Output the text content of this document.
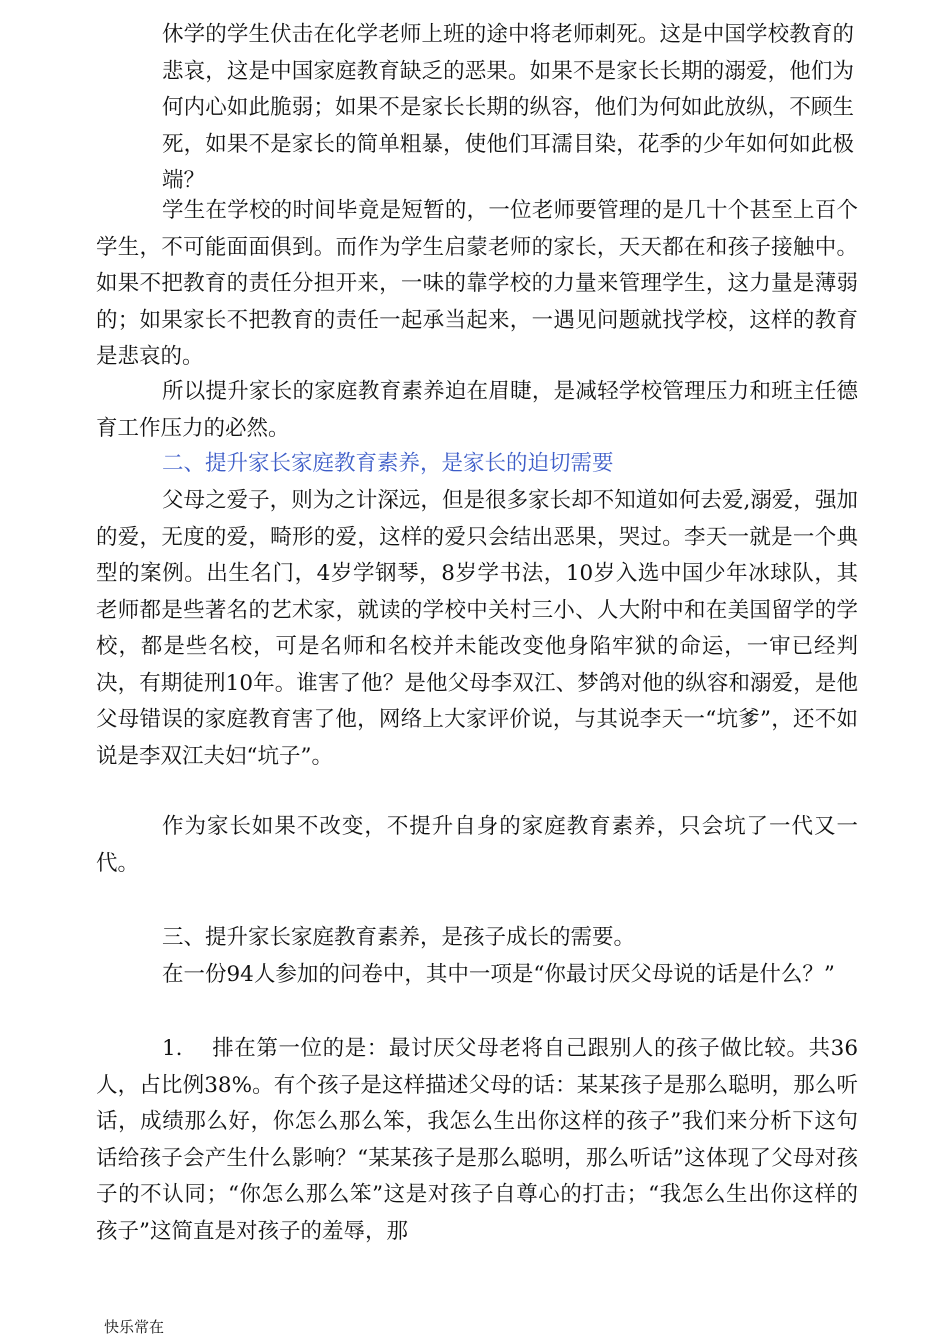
休学的学生伏击在化学老师上班的途中将老师刺死。这是中国学校教育的悲哀，这是中国家庭教育缺乏的恶果。如果不是家长长期的溺爱，他们为何内心如此脆弱；如果不是家长长期的纵容，他们为何如此放纵，不顾生死，如果不是家长的简单粗暴，使他们耳濡目染，花季的少年如何如此极端？

学生在学校的时间毕竟是短暂的，一位老师要管理的是几十个甚至上百个学生，不可能面面俱到。而作为学生启蒙老师的家长，天天都在和孩子接触中。如果不把教育的责任分担开来，一味的靠学校的力量来管理学生，这力量是薄弱的；如果家长不把教育的责任一起承当起来，一遇见问题就找学校，这样的教育是悲哀的。

所以提升家长的家庭教育素养迫在眉睫，是减轻学校管理压力和班主任德育工作压力的必然。

二、提升家长家庭教育素养，是家长的迫切需要

父母之爱子，则为之计深远，但是很多家长却不知道如何去爱,溺爱，强加的爱，无度的爱，畸形的爱，这样的爱只会结出恶果，哭过。李天一就是一个典型的案例。出生名门，4岁学钢琴，8岁学书法，10岁入选中国少年冰球队，其老师都是些著名的艺术家，就读的学校中关村三小、人大附中和在美国留学的学校，都是些名校，可是名师和名校并未能改变他身陷牢狱的命运，一审已经判决，有期徒刑10年。谁害了他？是他父母李双江、梦鸽对他的纵容和溺爱，是他父母错误的家庭教育害了他，网络上大家评价说，与其说李天一“坑爹”，还不如说是李双江夫妇“坑子”。

作为家长如果不改变，不提升自身的家庭教育素养，只会坑了一代又一代。

三、提升家长家庭教育素养，是孩子成长的需要。

在一份94人参加的问卷中，其中一项是“你最讨厌父母说的话是什么？”

1.    排在第一位的是：最讨厌父母老将自己跟别人的孩子做比较。共36人，占比例38%。有个孩子是这样描述父母的话：某某孩子是那么聪明，那么听话，成绩那么好，你怎么那么笨，我怎么生出你这样的孩子”我们来分析下这句话给孩子会产生什么影响？“某某孩子是那么聪明，那么听话”这体现了父母对孩子的不认同；“你怎么那么笨”这是对孩子自尊心的打击；“我怎么生出你这样的孩子”这简直是对孩子的羞辱，那

快乐常在
